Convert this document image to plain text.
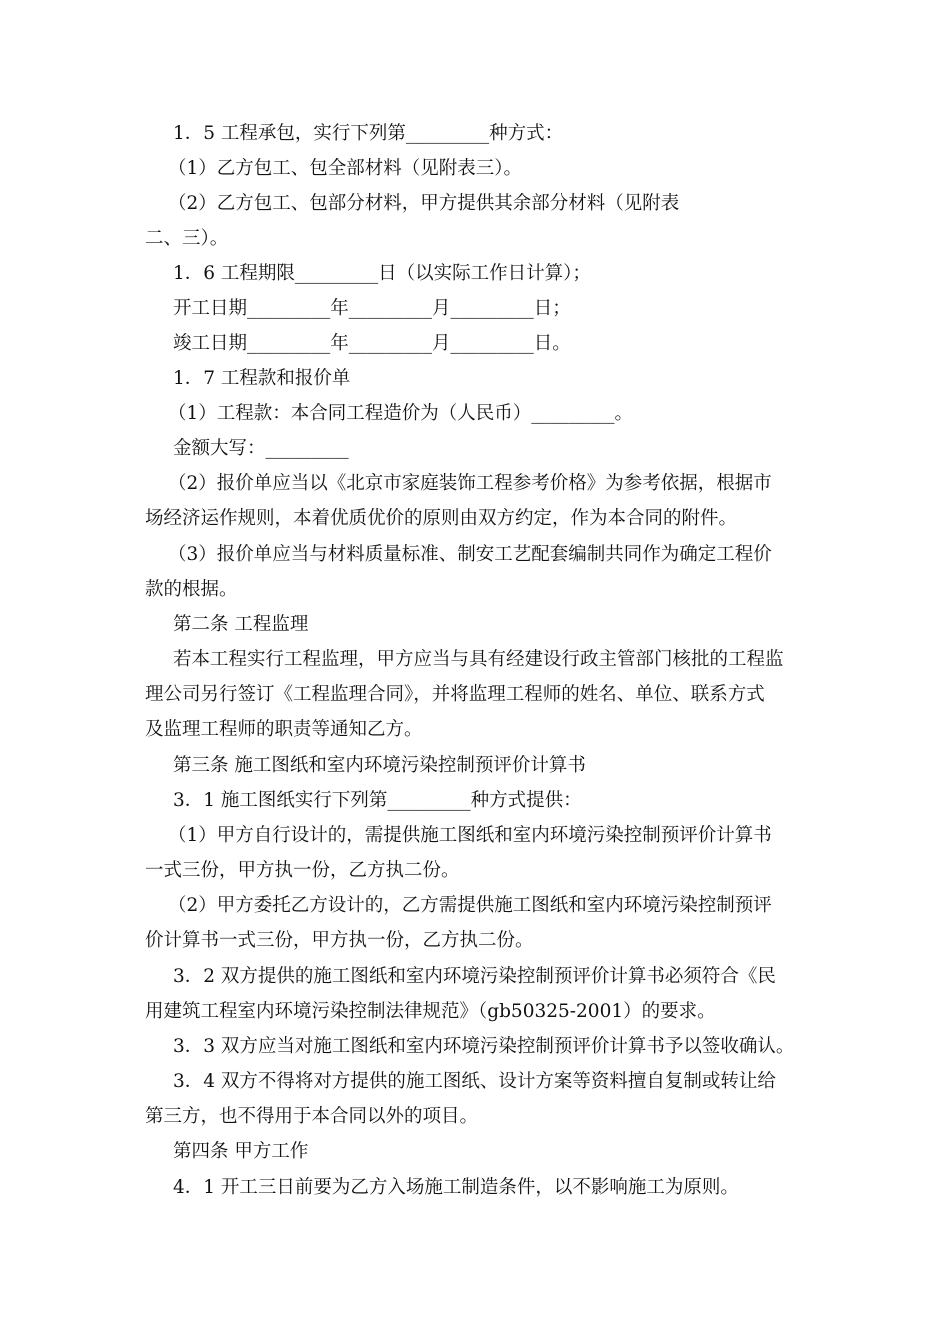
1．5 工程承包，实行下列第_________种方式：
（1）乙方包工、包全部材料（见附表三）。
（2）乙方包工、包部分材料，甲方提供其余部分材料（见附表
二、三）。
1．6 工程期限_________日（以实际工作日计算）；
开工日期_________年_________月_________日；
竣工日期_________年_________月_________日。
1．7 工程款和报价单
（1）工程款：本合同工程造价为（人民币）_________。
金额大写：_________
（2）报价单应当以《北京市家庭装饰工程参考价格》为参考依据，根据市
场经济运作规则，本着优质优价的原则由双方约定，作为本合同的附件。
（3）报价单应当与材料质量标准、制安工艺配套编制共同作为确定工程价
款的根据。
第二条 工程监理
若本工程实行工程监理，甲方应当与具有经建设行政主管部门核批的工程监
理公司另行签订《工程监理合同》，并将监理工程师的姓名、单位、联系方式
及监理工程师的职责等通知乙方。
第三条 施工图纸和室内环境污染控制预评价计算书
3．1 施工图纸实行下列第_________种方式提供：
（1）甲方自行设计的，需提供施工图纸和室内环境污染控制预评价计算书
一式三份，甲方执一份，乙方执二份。
（2）甲方委托乙方设计的，乙方需提供施工图纸和室内环境污染控制预评
价计算书一式三份，甲方执一份，乙方执二份。
3．2 双方提供的施工图纸和室内环境污染控制预评价计算书必须符合《民
用建筑工程室内环境污染控制法律规范》（gb50325-2001）的要求。
3．3 双方应当对施工图纸和室内环境污染控制预评价计算书予以签收确认。
3．4 双方不得将对方提供的施工图纸、设计方案等资料擅自复制或转让给
第三方，也不得用于本合同以外的项目。
第四条 甲方工作
4．1 开工三日前要为乙方入场施工制造条件，以不影响施工为原则。
